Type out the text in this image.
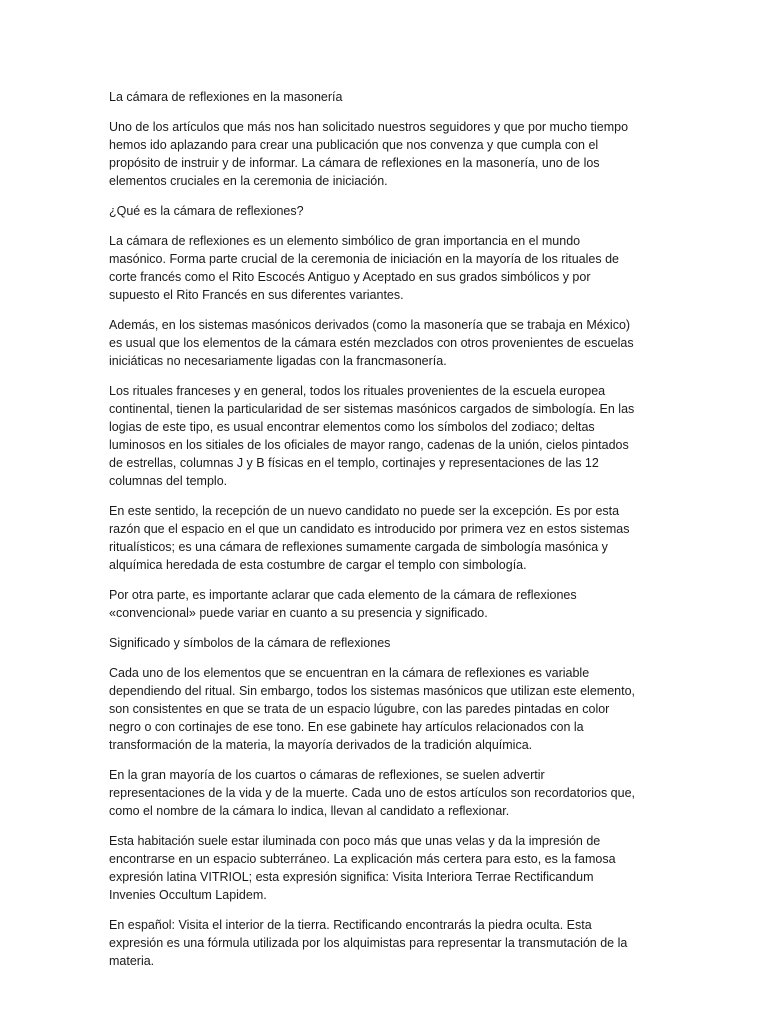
La cámara de reflexiones en la masonería

Uno de los artículos que más nos han solicitado nuestros seguidores y que por mucho tiempo
hemos ido aplazando para crear una publicación que nos convenza y que cumpla con el
propósito de instruir y de informar. La cámara de reflexiones en la masonería, uno de los
elementos cruciales en la ceremonia de iniciación.

¿Qué es la cámara de reflexiones?

La cámara de reflexiones es un elemento simbólico de gran importancia en el mundo
masónico. Forma parte crucial de la ceremonia de iniciación en la mayoría de los rituales de
corte francés como el Rito Escocés Antiguo y Aceptado en sus grados simbólicos y por
supuesto el Rito Francés en sus diferentes variantes.
Además, en los sistemas masónicos derivados (como la masonería que se trabaja en México)
es usual que los elementos de la cámara estén mezclados con otros provenientes de escuelas
iniciáticas no necesariamente ligadas con la francmasonería.
Los rituales franceses y en general, todos los rituales provenientes de la escuela europea
continental, tienen la particularidad de ser sistemas masónicos cargados de simbología. En las
logias de este tipo, es usual encontrar elementos como los símbolos del zodiaco; deltas
luminosos en los sitiales de los oficiales de mayor rango, cadenas de la unión, cielos pintados
de estrellas, columnas J y B físicas en el templo, cortinajes y representaciones de las 12
columnas del templo.
En este sentido, la recepción de un nuevo candidato no puede ser la excepción. Es por esta
razón que el espacio en el que un candidato es introducido por primera vez en estos sistemas
ritualísticos; es una cámara de reflexiones sumamente cargada de simbología masónica y
alquímica heredada de esta costumbre de cargar el templo con simbología.
Por otra parte, es importante aclarar que cada elemento de la cámara de reflexiones
«convencional» puede variar en cuanto a su presencia y significado.

Significado y símbolos de la cámara de reflexiones

Cada uno de los elementos que se encuentran en la cámara de reflexiones es variable
dependiendo del ritual. Sin embargo, todos los sistemas masónicos que utilizan este elemento,
son consistentes en que se trata de un espacio lúgubre, con las paredes pintadas en color
negro o con cortinajes de ese tono. En ese gabinete hay artículos relacionados con la
transformación de la materia, la mayoría derivados de la tradición alquímica.
En la gran mayoría de los cuartos o cámaras de reflexiones, se suelen advertir
representaciones de la vida y de la muerte. Cada uno de estos artículos son recordatorios que,
como el nombre de la cámara lo indica, llevan al candidato a reflexionar.
Esta habitación suele estar iluminada con poco más que unas velas y da la impresión de
encontrarse en un espacio subterráneo. La explicación más certera para esto, es la famosa
expresión latina VITRIOL; esta expresión significa: Visita Interiora Terrae Rectificandum
Invenies Occultum Lapidem.
En español: Visita el interior de la tierra. Rectificando encontrarás la piedra oculta. Esta
expresión es una fórmula utilizada por los alquimistas para representar la transmutación de la
materia.
